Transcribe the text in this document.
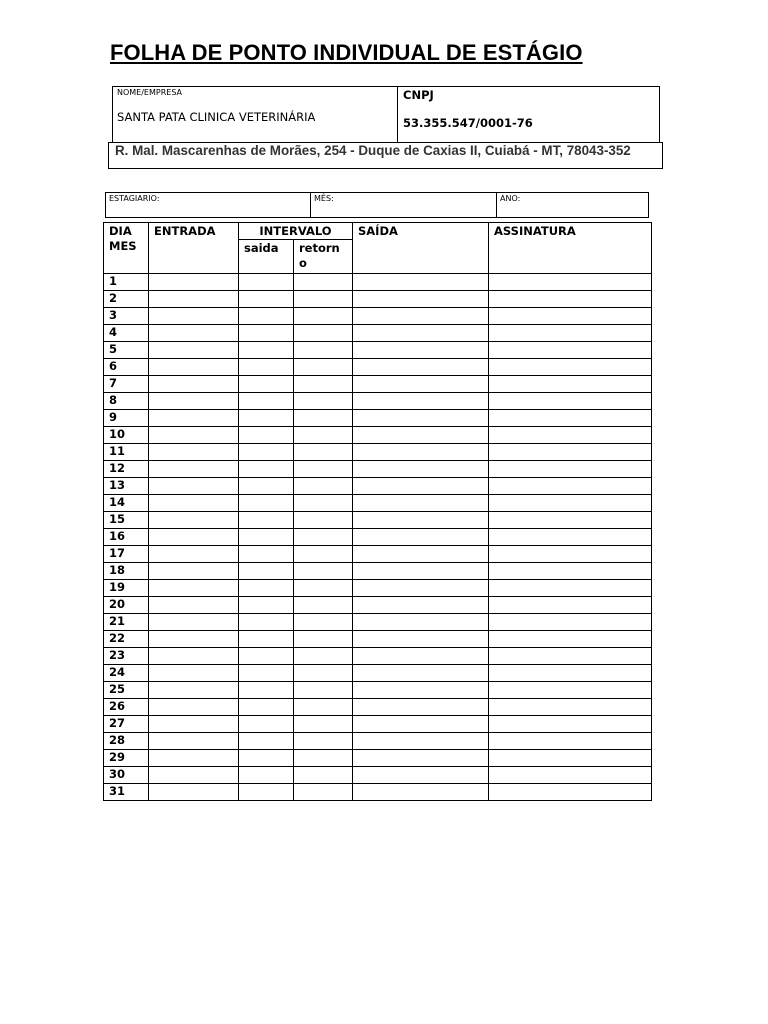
FOLHA DE PONTO INDIVIDUAL DE ESTÁGIO
NOME/EMPRESA
SANTA PATA CLINICA VETERINÁRIA
CNPJ
53.355.547/0001-76
R. Mal. Mascarenhas de Morães, 254 - Duque de Caxias II, Cuiabá - MT, 78043-352
ESTAGIARIO:	MÊS:	ANO:
DIA
MES	ENTRADA	INTERVALO		SAÍDA	ASSINATURA
		saida	retorn
o		

1					
2					
3					
4					
5					
6					
7					
8					
9					
10					
11					
12					
13					
14					
15					
16					
17					
18					
19					
20					
21					
22					
23					
24					
25					
26					
27					
28					
29					
30					
31					
